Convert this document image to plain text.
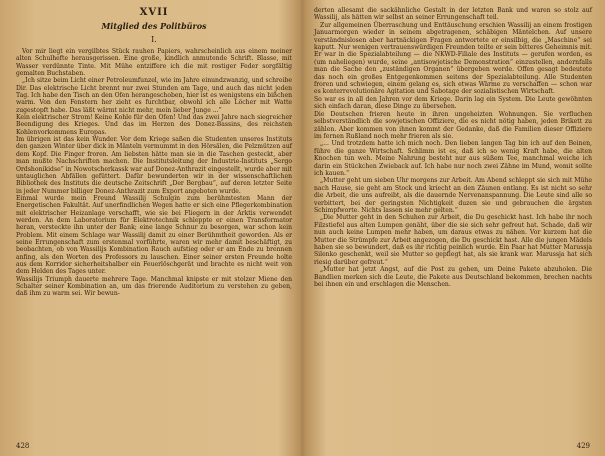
XVII
Mitglied des Politbüros
I.

Vor mir liegt ein vergilbtes Stück rauhen Papiers, wahrscheinlich aus einem meiner alten Schulhefte herausgerissen. Eine große, kindlich anmutende Schrift. Blasse, mit Wasser verdünnte Tinte. Mit Mühe entziffere ich die mit rostiger Feder sorgfältig gemalten Buchstaben.

„Ich sitze beim Licht einer Petroleumfunzel, wie im Jahre einundzwanzig, und schreibe Dir. Das elektrische Licht brennt nur zwei Stunden am Tage, und auch das nicht jeden Tag. Ich habe den Tisch an den Ofen herangeschoben, hier ist es wenigstens ein bißchen warm. Von den Fenstern her zieht es furchtbar, obwohl ich alle Löcher mit Watte zugestopft habe. Das läßt wärmt nicht mehr, mein lieber Junge ...“

Kein elektrischer Strom! Keine Kohle für den Ofen! Und das zwei Jahre nach siegreicher Beendigung des Krieges. Und das im Herzen des Donez-Bassins, des reichsten Kohlenvorkommens Europas.

Im übrigen ist das kein Wunder. Vor dem Kriege saßen die Studenten unseres Instituts den ganzen Winter über dick in Mänteln vermummt in den Hörsälen, die Pelzmützen auf dem Kopf. Die Finger froren. Am liebsten hätte man sie in die Taschen gesteckt, aber man mußte Nachschriften machen. Die Institutsleitung der Industrie-Instituts „Sergo Ordshonikidse“ in Nowotscherkassk war auf Donez-Anthrazit eingestellt, wurde aber mit untauglichen Abfällen gefüttert. Dafür bewunderten wir in der wissenschaftlichen Bibliothek des Instituts die deutsche Zeitschrift „Der Bergbau“, auf deren letzter Seite in jeder Nummer billiger Donez-Anthrazit zum Export angeboten wurde.

Einmal wurde mein Freund Wassilij Schulgin zum berühmtesten Mann der Energetischen Fakultät. Auf unerfindlichen Wegen hatte er sich eine Pflegerkombination mit elektrischer Heizanlage verschafft, wie sie bei Fliegern in der Arktis verwendet werden. An dem Laboratorium für Elektrotechnik schleppte er einen Transformator heran, versteckte ihn unter der Bank; eine lange Schnur zu besorgen, war schon kein Problem. Mit einem Schlage war Wassilij damit zu einer Berühmtheit geworden. Als er seine Errungenschaft zum erstenmal vorführte, waren wir mehr damit beschäftigt, zu beobachten, ob von Wassilijs Kombination Rauch aufstieg oder er am Ende zu brennen anfing, als den Worten des Professors zu lauschen. Einer seiner ersten Freunde holte aus dem Korridor sicherheitshalber ein Feuerlöschgerät und brachte es nicht weit von dem Helden des Tages unter.

Wassilijs Triumph dauerte mehrere Tage. Manchmal knipste er mit stolzer Miene den Schalter seiner Kombination an, um das frierende Auditorium zu verstehen zu geben, daß ihm zu warm sei. Wir bewun-

428

derten allesamt die sackähnliche Gestalt in der letzten Bank und waren so stolz auf Wassilij, als hätten wir selbst an seiner Errungenschaft teil.

Zur allgemeinen Überraschung und Enttäuschung erschien Wassilij an einem frostigen Januarmorgen wieder in seinem abgetragenen, schäbigen Mäntelchen. Auf unsere verständnislosen aber hartnäckigen Fragen antwortete er einsilbig, die „Maschine“ sei kaputt. Nur wenigen vertrauenswürdigen Freunden teilte er sein bitteres Geheimnis mit. Er war in die Spezialabteilung — die NKWD-Filiale des Instituts — gerufen worden, es (um naheliegen) wurde, seine „antisowjetische Demonstration“ einzustellen, andernfalls man die Sache den „zuständigen Organen“ übergeben werde. Offen gesagt bedeutete das noch ein großes Entgegenkommen seitens der Spezialabteilung. Alle Studenten froren und schwiegen, einem gelang es, sich etwas Wärme zu verschaffen — schon war es konterrevolutionäre Agitation und Sabotage der sozialistischen Wirtschaft.

So war es in all den Jahren vor dem Kriege. Darin lag ein System. Die Leute gewöhnten sich einfach daran, diese Dinge zu übersehen.

Die Deutschen frieren heute in ihren ungeheizten Wohnungen. Sie verfluchen selbstverständlich die sowjetischen Offiziere, die es nicht nötig haben, jeden Brikett zu zählen. Aber kommen von ihnen kommt der Gedanke, daß die Familien dieser Offiziere im fernen Rußland noch mehr frieren als sie.

„... Und trotzdem hatte ich mich noch. Den lieben langen Tag bin ich auf den Beinen, führe die ganze Wirtschaft. Schlimm ist es, daß ich so wenig Kraft habe, die alten Knochen tun weh. Meine Nahrung besteht nur aus süßem Tee, manchmal weiche ich darin ein Stückchen Zwieback auf. Ich habe nur noch zwei Zähne im Mund, womit sollte ich kauen.“

„Mutter geht um sieben Uhr morgens zur Arbeit. Am Abend schleppt sie sich mit Mühe nach Hause, sie geht am Stock und kriecht an den Zäunen entlang. Es ist nicht so sehr die Arbeit, die uns aufreibt, als die dauernde Nervenanspannung. Die Leute sind alle so verbittert, bei der geringsten Nichtigkeit duzen sie und gebrauchen die ärgsten Schimpfworte. Nichts lassen sie mehr gelten.“

„Die Mutter geht in den Schuhen zur Arbeit, die Du geschickt hast. Ich habe ihr noch Filzstiefel aus alten Lumpen genäht, über die sie sich sehr gefreut hat. Schade, daß wir nun auch keine Lumpen mehr haben, um daraus etwas zu nähen. Vor kurzem hat die Mutter die Strümpfe zur Arbeit angezogen, die Du geschickt hast. Alle die jungen Mädels haben sie so bewundert, daß es ihr richtig peinlich wurde. Ein Paar hat Mutter Marussja Silenko geschenkt, weil sie Mutter so gepflegt hat, als sie krank war. Marussja hat sich riesig darüber gefreut.“

„Mutter hat jetzt Angst, auf die Post zu gehen, um Deine Pakete abzuholen. Die Bandlien merken sich die Leute, die Pakete aus Deutschland bekommen, brechen nachts bei ihnen ein und erschlagen die Menschen.

429
